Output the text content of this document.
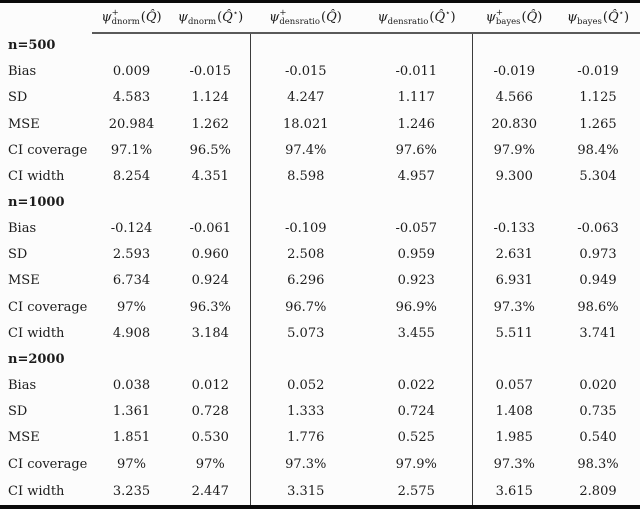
	ψ +
dnorm (Q̂)	ψ dnorm (Q̂⋆)	ψ +
densratio (Q̂)	ψ densratio (Q̂⋆)	ψ +
bayes (Q̂)	ψ bayes (Q̂⋆)
n=500						
Bias	0.009	-0.015	-0.015	-0.011	-0.019	-0.019
SD	4.583	1.124	4.247	1.117	4.566	1.125
MSE	20.984	1.262	18.021	1.246	20.830	1.265
CI coverage	97.1%	96.5%	97.4%	97.6%	97.9%	98.4%
CI width	8.254	4.351	8.598	4.957	9.300	5.304
n=1000						
Bias	-0.124	-0.061	-0.109	-0.057	-0.133	-0.063
SD	2.593	0.960	2.508	0.959	2.631	0.973
MSE	6.734	0.924	6.296	0.923	6.931	0.949
CI coverage	97%	96.3%	96.7%	96.9%	97.3%	98.6%
CI width	4.908	3.184	5.073	3.455	5.511	3.741
n=2000						
Bias	0.038	0.012	0.052	0.022	0.057	0.020
SD	1.361	0.728	1.333	0.724	1.408	0.735
MSE	1.851	0.530	1.776	0.525	1.985	0.540
CI coverage	97%	97%	97.3%	97.9%	97.3%	98.3%
CI width	3.235	2.447	3.315	2.575	3.615	2.809
